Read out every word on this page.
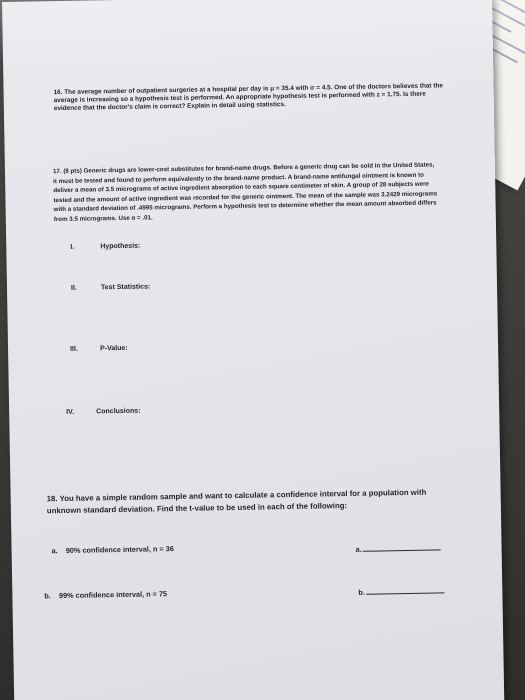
16. The average number of outpatient surgeries at a hospital per day is μ = 35.4 with σ = 4.5. One of the doctors believes that the average is increasing so a hypothesis test is performed. An appropriate hypothesis test is performed with z = 1.75. Is there evidence that the doctor's claim is correct? Explain in detail using statistics.

17. (8 pts) Generic drugs are lower-cost substitutes for brand-name drugs. Before a generic drug can be sold in the United States, it must be tested and found to perform equivalently to the brand-name product. A brand-name antifungal ointment is known to deliver a mean of 3.5 micrograms of active ingredient absorption to each square centimeter of skin. A group of 28 subjects were tested and the amount of active ingredient was recorded for the generic ointment. The mean of the sample was 3.2429 micrograms with a standard deviation of .4995 micrograms. Perform a hypothesis test to determine whether the mean amount absorbed differs from 3.5 micrograms. Use α = .01.

I.	Hypothesis:
II.	Test Statistics:
III.	P-Value:
IV.	Conclusions:

18. You have a simple random sample and want to calculate a confidence interval for a population with unknown standard deviation. Find the t-value to be used in each of the following:

a. 90% confidence interval, n = 36	a.
b. 99% confidence interval, n = 75	b.
